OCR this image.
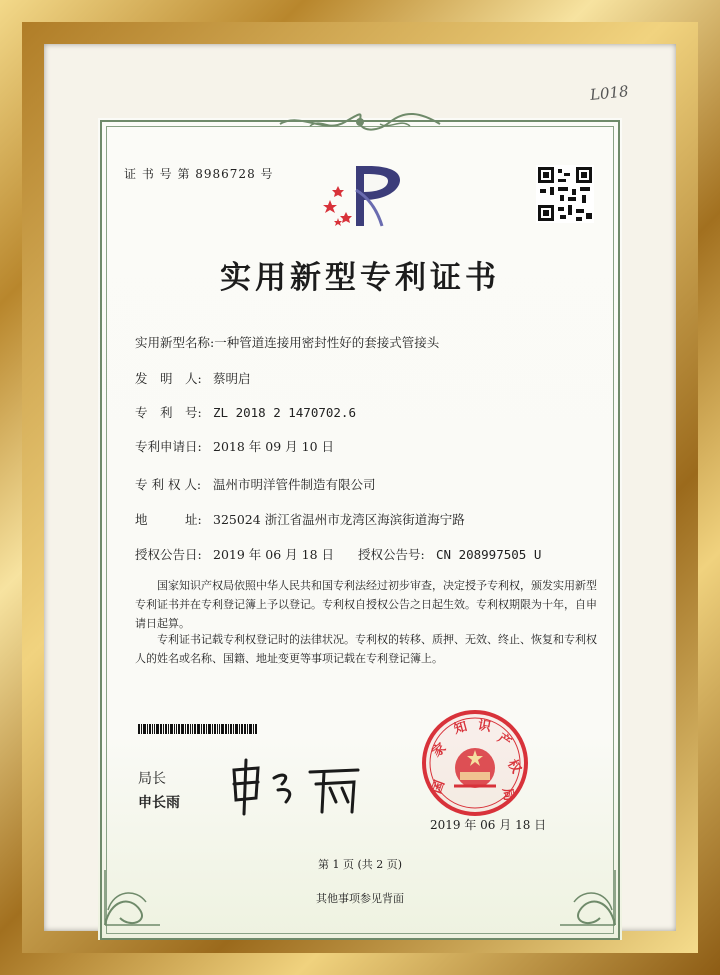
L018
证 书 号 第 8986728 号
实用新型专利证书
实用新型名称:一种管道连接用密封性好的套接式管接头
发　明　人: 蔡明启
专　利　号: ZL 2018 2 1470702.6
专利申请日: 2018 年 09 月 10 日
专 利 权 人: 温州市明洋管件制造有限公司
地　　　址: 325024 浙江省温州市龙湾区海滨街道海宁路
授权公告日: 2019 年 06 月 18 日 授权公告号: CN 208997505 U
国家知识产权局依照中华人民共和国专利法经过初步审查，决定授予专利权，颁发实用新型专利证书并在专利登记簿上予以登记。专利权自授权公告之日起生效。专利权期限为十年，自申请日起算。
专利证书记载专利权登记时的法律状况。专利权的转移、质押、无效、终止、恢复和专利权人的姓名或名称、国籍、地址变更等事项记载在专利登记簿上。
局长
申长雨
国
家
知 识
产
权
局
2019 年 06 月 18 日
第 1 页 (共 2 页)
其他事项参见背面
